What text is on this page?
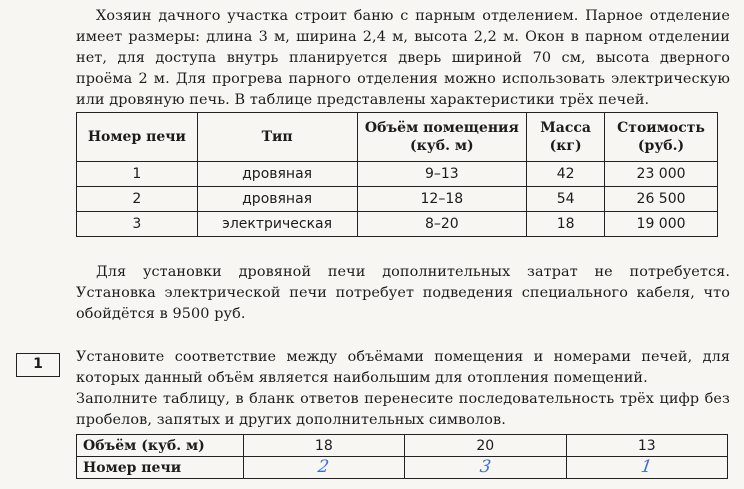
Хозяин дачного участка строит баню с парным отделением. Парное отделение имеет размеры: длина 3 м, ширина 2,4 м, высота 2,2 м. Окон в парном отделении нет, для доступа внутрь планируется дверь шириной 70 см, высота дверного проёма 2 м. Для прогрева парного отделения можно использовать электрическую или дровяную печь. В таблице представлены характеристики трёх печей.

Номер печи	Тип	Объём помещения (куб. м)	Масса (кг)	Стоимость (руб.)
1	дровяная	9–13	42	23 000
2	дровяная	12–18	54	26 500
3	электрическая	8–20	18	19 000

Для установки дровяной печи дополнительных затрат не потребуется. Установка электрической печи потребует подведения специального кабеля, что обойдётся в 9500 руб.

1	Установите соответствие между объёмами помещения и номерами печей, для которых данный объём является наибольшим для отопления помещений.
Заполните таблицу, в бланк ответов перенесите последовательность трёх цифр без пробелов, запятых и других дополнительных символов.
Объём (куб. м)	18	20	13
Номер печи	2	3	1
